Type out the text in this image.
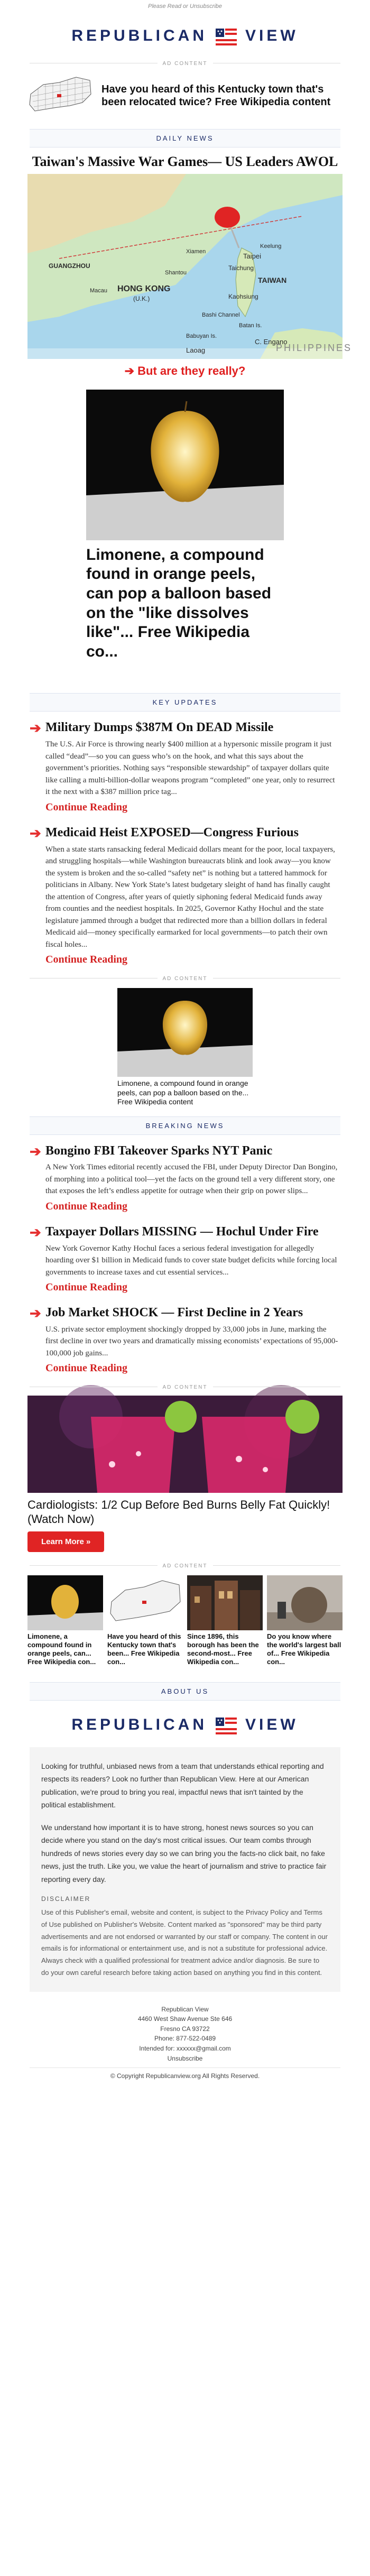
Please Read or Unsubscribe
REPUBLICAN VIEW
AD CONTENT
Have you heard of this Kentucky town that's been relocated twice? Free Wikipedia content
DAILY NEWS
Taiwan's Massive War Games— US Leaders AWOL
HONG KONG
(U.K.)
Taipei
Taichung
TAIWAN
Kaohsiung
Bashi Channel
Batan Is.
Babuyan Is.
C. Engano
Laoag	PHILIPPINES
Macau
GUANGZHOU
Shantou
Xiamen
Keelung
➔ But are they really?
Limonene, a compound found in orange peels, can pop a balloon based on the "like dissolves like"... Free Wikipedia co...
KEY UPDATES
➔ Military Dumps $387M On DEAD Missile

The U.S. Air Force is throwing nearly $400 million at a hypersonic missile program it just called “dead”—so you can guess who’s on the hook, and what this says about the government’s priorities. Nothing says “responsible stewardship” of taxpayer dollars quite like calling a multi-billion-dollar weapons program “completed” one year, only to resurrect it the next with a $387 million price tag...

Continue Reading
➔ Medicaid Heist EXPOSED—Congress Furious

When a state starts ransacking federal Medicaid dollars meant for the poor, local taxpayers, and struggling hospitals—while Washington bureaucrats blink and look away—you know the system is broken and the so-called “safety net” is nothing but a tattered hammock for politicians in Albany. New York State’s latest budgetary sleight of hand has finally caught the attention of Congress, after years of quietly siphoning federal Medicaid funds away from counties and the neediest hospitals. In 2025, Governor Kathy Hochul and the state legislature jammed through a budget that redirected more than a billion dollars in federal Medicaid aid—money specifically earmarked for local governments—to patch their own fiscal holes...

Continue Reading
AD CONTENT
Limonene, a compound found in orange peels, can pop a balloon based on the... Free Wikipedia content
BREAKING NEWS
➔ Bongino FBI Takeover Sparks NYT Panic

A New York Times editorial recently accused the FBI, under Deputy Director Dan Bongino, of morphing into a political tool—yet the facts on the ground tell a very different story, one that exposes the left’s endless appetite for outrage when their grip on power slips...

Continue Reading
➔ Taxpayer Dollars MISSING — Hochul Under Fire

New York Governor Kathy Hochul faces a serious federal investigation for allegedly hoarding over $1 billion in Medicaid funds to cover state budget deficits while forcing local governments to increase taxes and cut essential services...

Continue Reading
➔ Job Market SHOCK — First Decline in 2 Years

U.S. private sector employment shockingly dropped by 33,000 jobs in June, marking the first decline in over two years and dramatically missing economists’ expectations of 95,000-100,000 job gains...

Continue Reading
AD CONTENT
Cardiologists: 1/2 Cup Before Bed Burns Belly Fat Quickly!(Watch Now)
Learn More »
AD CONTENT
Limonene, a compound found in orange peels, can... Free Wikipedia con...
Have you heard of this Kentucky town that's been... Free Wikipedia con...
Since 1896, this borough has been the second-most... Free Wikipedia con...
Do you know where the world's largest ball of... Free Wikipedia con...
ABOUT US
REPUBLICAN VIEW

Looking for truthful, unbiased news from a team that understands ethical reporting and respects its readers? Look no further than Republican View. Here at our American publication, we're proud to bring you real, impactful news that isn't tainted by the political establishment.

We understand how important it is to have strong, honest news sources so you can decide where you stand on the day's most critical issues. Our team combs through hundreds of news stories every day so we can bring you the facts-no click bait, no fake news, just the truth. Like you, we value the heart of journalism and strive to practice fair reporting every day.

DISCLAIMER
Use of this Publisher's email, website and content, is subject to the Privacy Policy and Terms of Use published on Publisher's Website. Content marked as "sponsored" may be third party advertisements and are not endorsed or warranted by our staff or company. The content in our emails is for informational or entertainment use, and is not a substitute for professional advice. Always check with a qualified professional for treatment advice and/or diagnosis. Be sure to do your own careful research before taking action based on anything you find in this content.
Republican View
4460 West Shaw Avenue Ste 646
Fresno CA 93722
Phone: 877-522-0489
Intended for: xxxxxx@gmail.com
Unsubscribe
© Copyright Republicanview.org All Rights Reserved.
